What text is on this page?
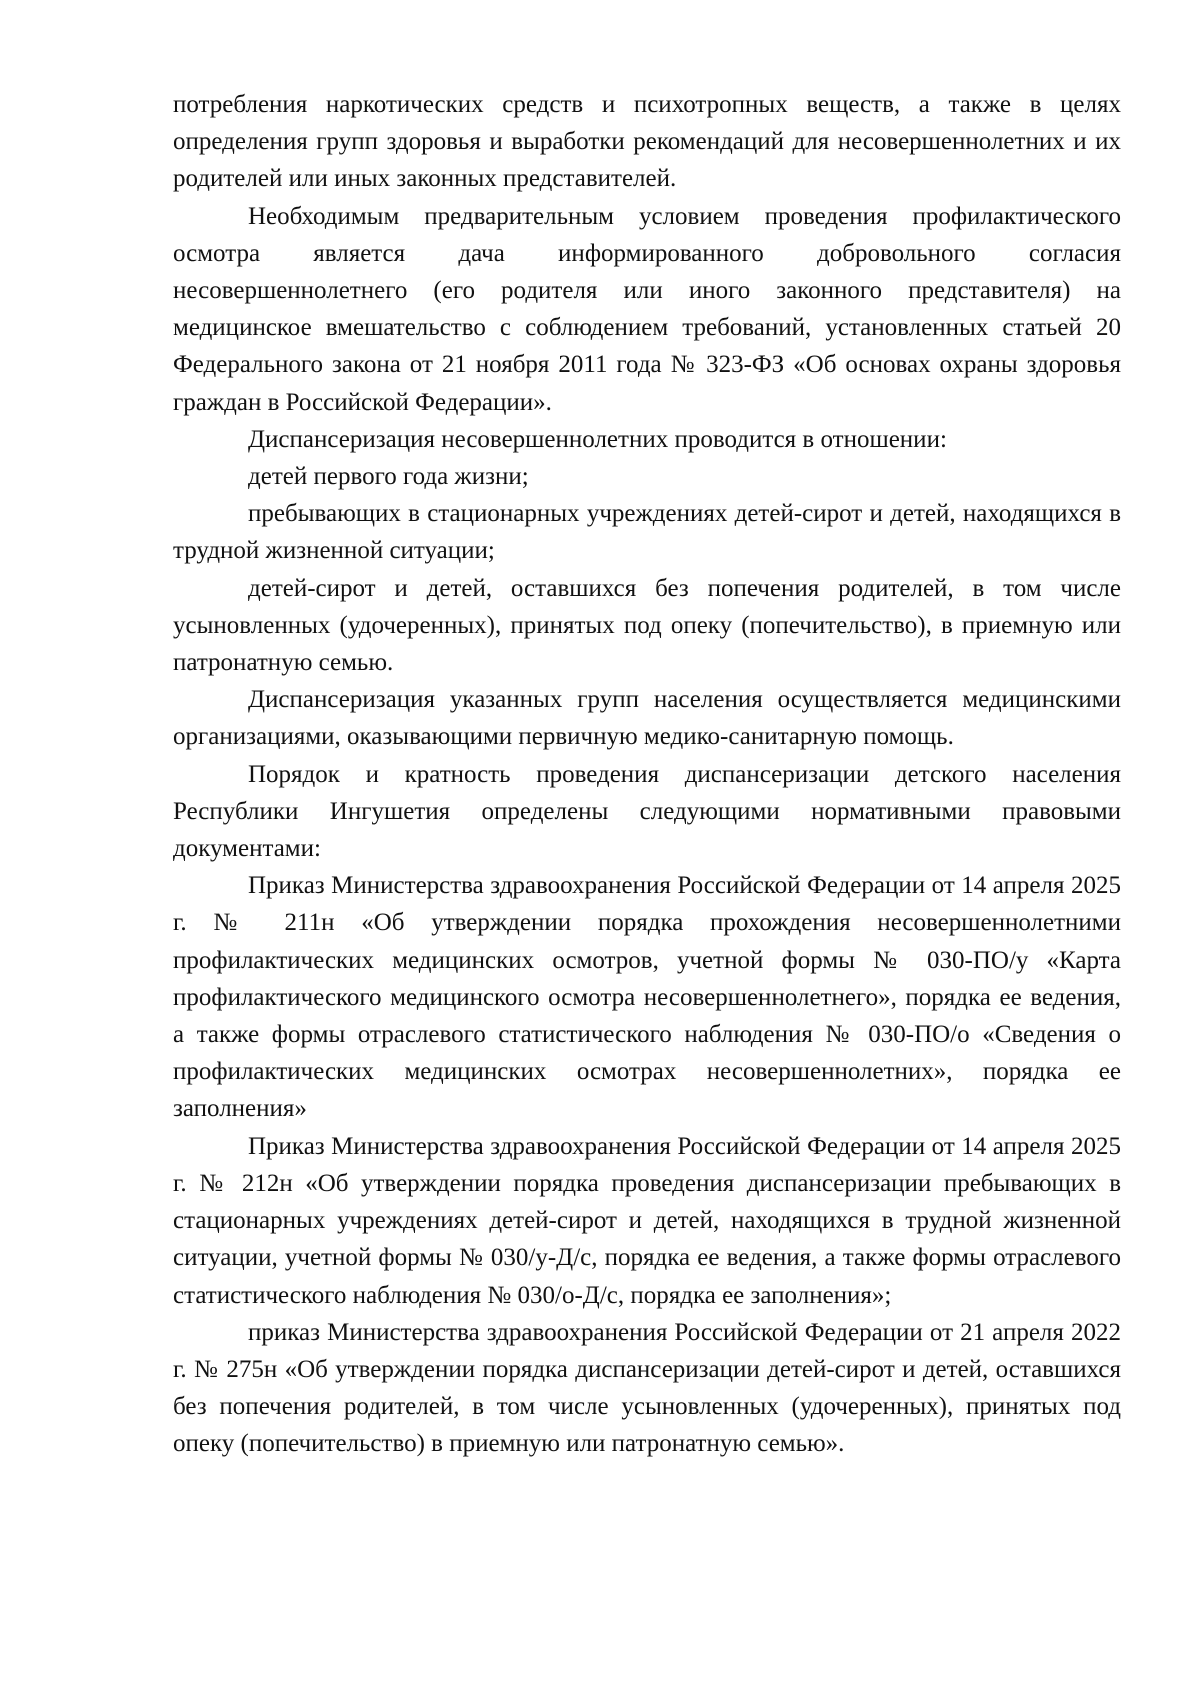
потребления наркотических средств и психотропных веществ, а также в целях определения групп здоровья и выработки рекомендаций для несовершеннолетних и их родителей или иных законных представителей.

Необходимым предварительным условием проведения профилактического осмотра является дача информированного добровольного согласия несовершеннолетнего (его родителя или иного законного представителя) на медицинское вмешательство с соблюдением требований, установленных статьей 20 Федерального закона от 21 ноября 2011 года № 323-ФЗ «Об основах охраны здоровья граждан в Российской Федерации».

Диспансеризация несовершеннолетних проводится в отношении:

детей первого года жизни;

пребывающих в стационарных учреждениях детей-сирот и детей, находящихся в трудной жизненной ситуации;

детей-сирот и детей, оставшихся без попечения родителей, в том числе усыновленных (удочеренных), принятых под опеку (попечительство), в приемную или патронатную семью.

Диспансеризация указанных групп населения осуществляется медицинскими организациями, оказывающими первичную медико-санитарную помощь.

Порядок и кратность проведения диспансеризации детского населения Республики Ингушетия определены следующими нормативными правовыми документами:

Приказ Министерства здравоохранения Российской Федерации от 14 апреля 2025 г. № 211н «Об утверждении порядка прохождения несовершеннолетними профилактических медицинских осмотров, учетной формы № 030-ПО/у «Карта профилактического медицинского осмотра несовершеннолетнего», порядка ее ведения, а также формы отраслевого статистического наблюдения № 030-ПО/о «Сведения о профилактических медицинских осмотрах несовершеннолетних», порядка ее заполнения»

Приказ Министерства здравоохранения Российской Федерации от 14 апреля 2025 г. № 212н «Об утверждении порядка проведения диспансеризации пребывающих в стационарных учреждениях детей-сирот и детей, находящихся в трудной жизненной ситуации, учетной формы № 030/у-Д/с, порядка ее ведения, а также формы отраслевого статистического наблюдения № 030/о-Д/с, порядка ее заполнения»;

приказ Министерства здравоохранения Российской Федерации от 21 апреля 2022 г. № 275н «Об утверждении порядка диспансеризации детей-сирот и детей, оставшихся без попечения родителей, в том числе усыновленных (удочеренных), принятых под опеку (попечительство) в приемную или патронатную семью».
